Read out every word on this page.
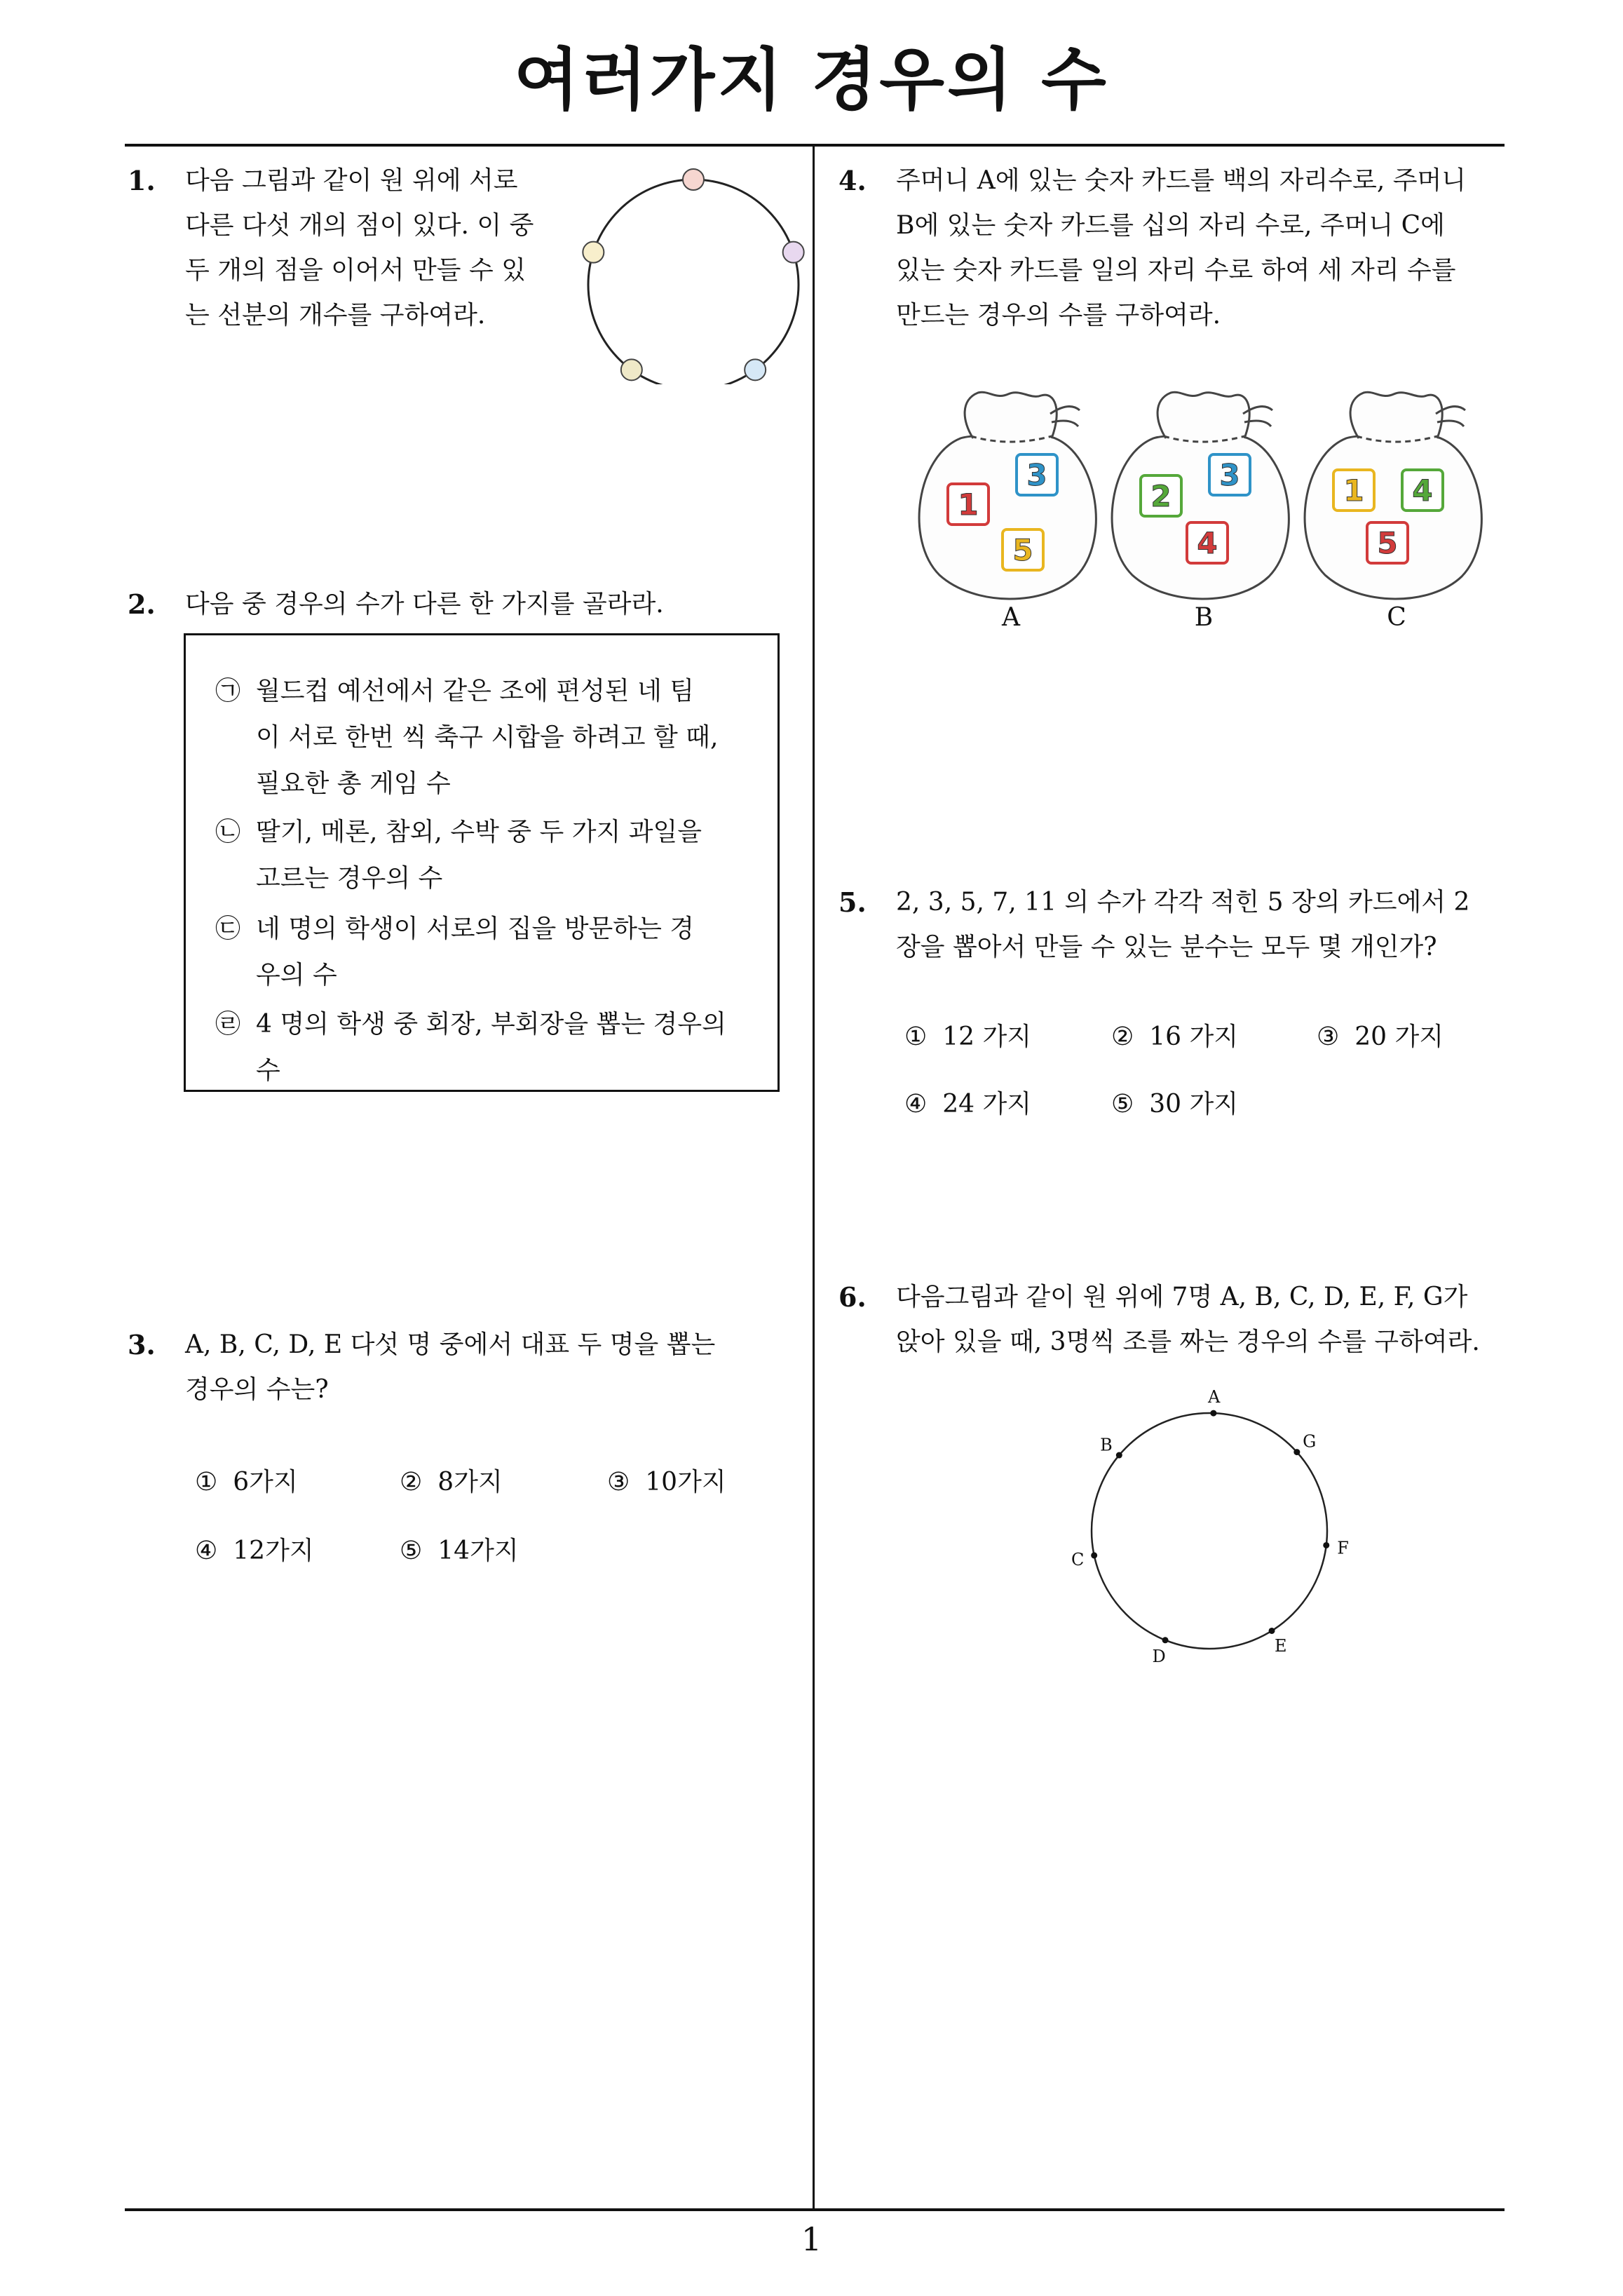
여러가지 경우의 수
1
1. 다음 그림과 같이 원 위에 서로
다른 다섯 개의 점이 있다. 이 중
두 개의 점을 이어서 만들 수 있
는 선분의 개수를 구하여라.
2. 다음 중 경우의 수가 다른 한 가지를 골라라.
㉠ 월드컵 예선에서 같은 조에 편성된 네 팀
이 서로 한번 씩 축구 시합을 하려고 할 때,
필요한 총 게임 수
㉡ 딸기, 메론, 참외, 수박 중 두 가지 과일을
고르는 경우의 수
㉢ 네 명의 학생이 서로의 집을 방문하는 경
우의 수
㉣ 4 명의 학생 중 회장, 부회장을 뽑는 경우의
수
3. A, B, C, D, E 다섯 명 중에서 대표 두 명을 뽑는
경우의 수는?
① 6가지	② 8가지	③ 10가지
④ 12가지	⑤ 14가지
4. 주머니 A에 있는 숫자 카드를 백의 자리수로, 주머니
B에 있는 숫자 카드를 십의 자리 수로, 주머니 C에
있는 숫자 카드를 일의 자리 수로 하여 세 자리 수를
만드는 경우의 수를 구하여라.
1
3
5
A
2
3
4
B
1 4
5
C
5. 2, 3, 5, 7, 11 의 수가 각각 적힌 5 장의 카드에서 2
장을 뽑아서 만들 수 있는 분수는 모두 몇 개인가?
① 12 가지	② 16 가지	③ 20 가지
④ 24 가지	⑤ 30 가지
6. 다음그림과 같이 원 위에 7명 A, B, C, D, E, F, G가
앉아 있을 때, 3명씩 조를 짜는 경우의 수를 구하여라.
A
B
C
D
E
F
G
